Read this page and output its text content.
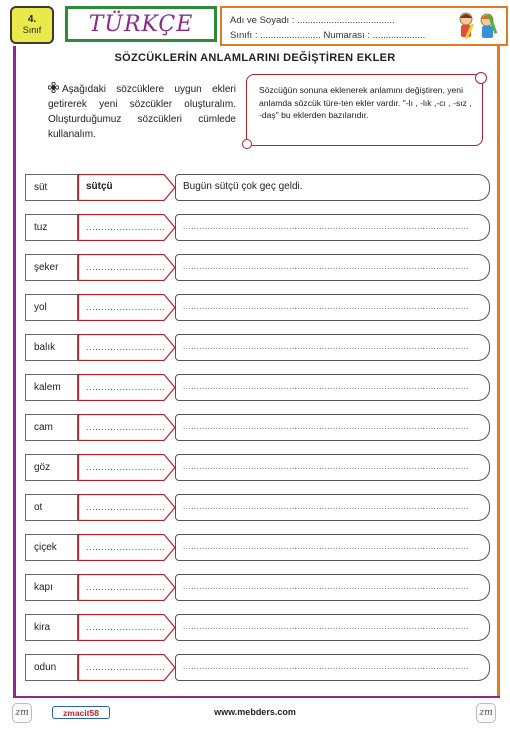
4.
Sınıf	TÜRKÇE	Adı ve Soyadı : .....................................
Sınıfı : ....................... Numarası : ....................
SÖZCÜKLERİN ANLAMLARINI DEĞİŞTİREN EKLER
Aşağıdaki sözcüklere uygun ekleri getirerek yeni sözcükler oluşturalım. Oluşturduğumuz sözcükleri cümlede kullanalım.
Sözcüğün sonuna eklenerek anlamını değiştiren, yeni anlamda sözcük türe-ten ekler vardır. "-lı , -lık ,-cı , -sız , -daş" bu eklerden bazılarıdır.
süt	sütçü	Bugün sütçü çok geç geldi.
tuz	..........................	.........................................................................................................
şeker	..........................	.........................................................................................................
yol	..........................	.........................................................................................................
balık	..........................	.........................................................................................................
kalem	..........................	.........................................................................................................
cam	..........................	.........................................................................................................
göz	..........................	.........................................................................................................
ot	..........................	.........................................................................................................
çiçek	..........................	.........................................................................................................
kapı	..........................	.........................................................................................................
kira	..........................	.........................................................................................................
odun	..........................	.........................................................................................................
zm	zmacit58	www.mebders.com	zm
